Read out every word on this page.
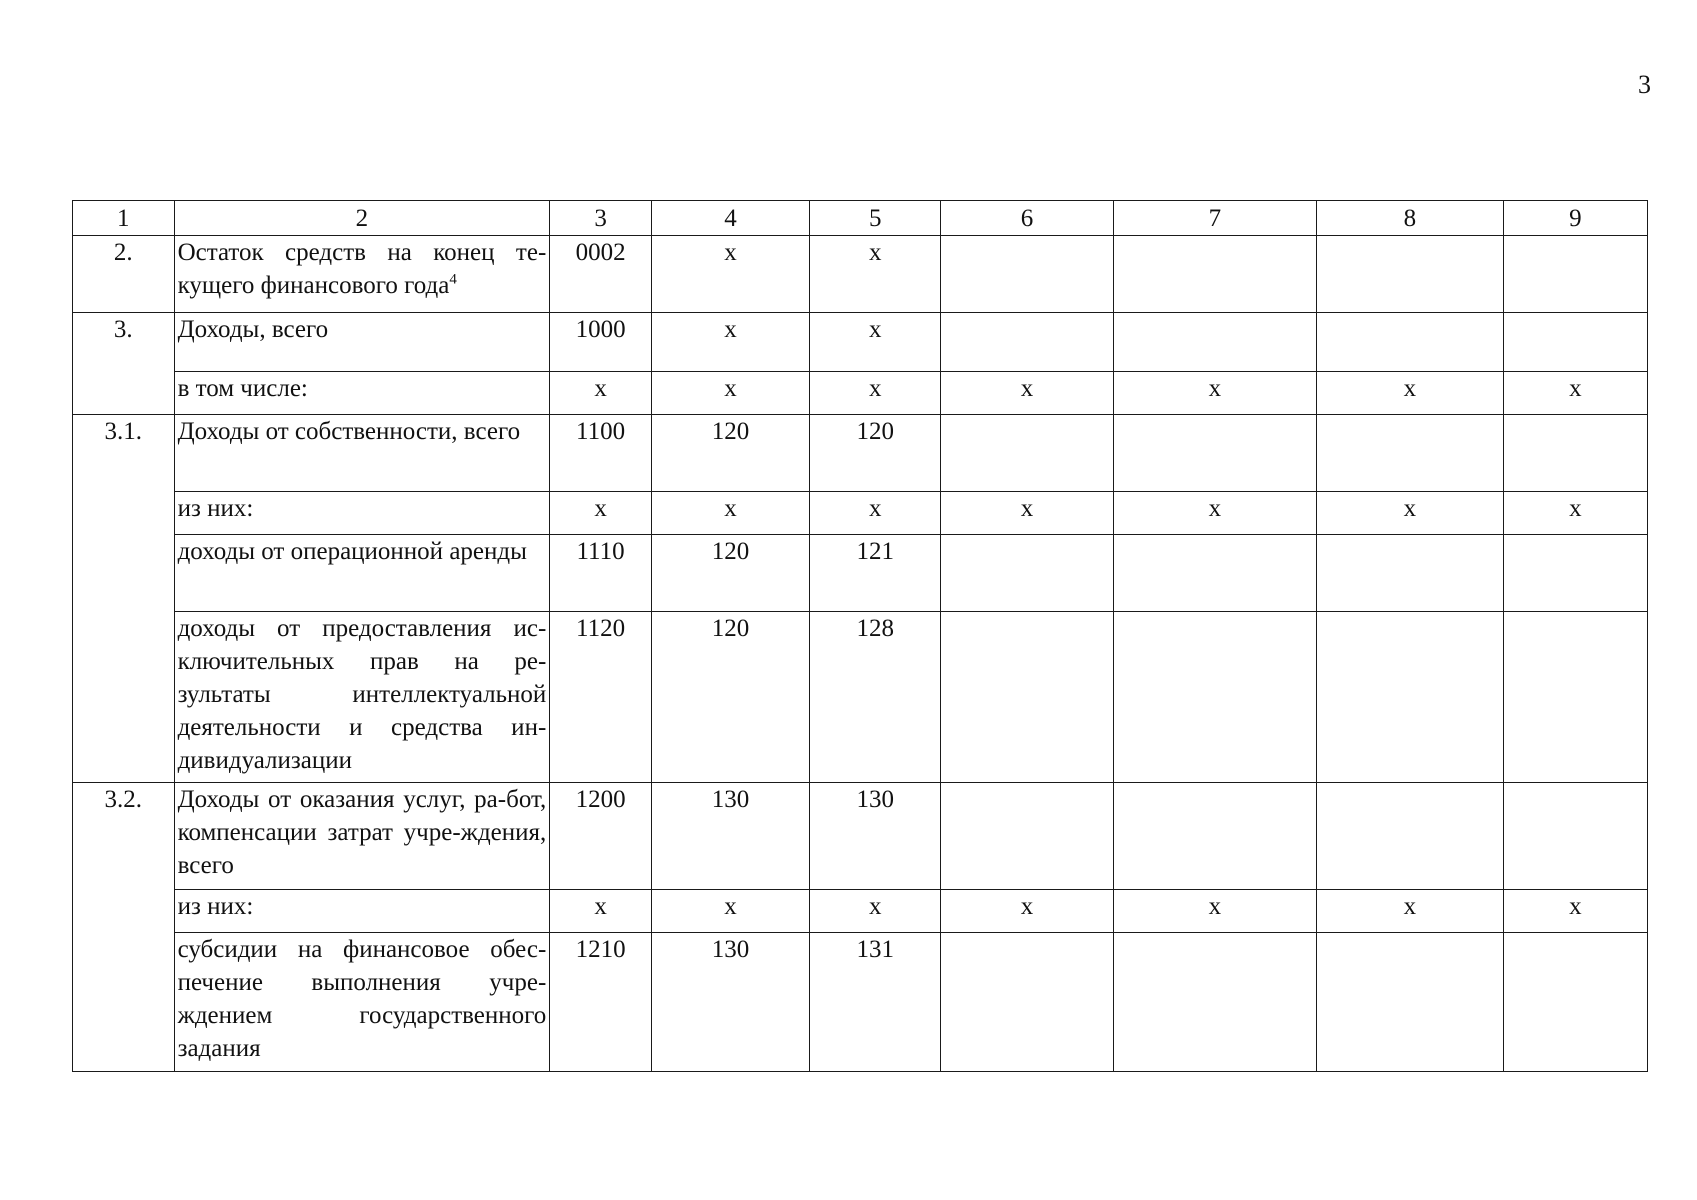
3
1	2	3	4	5	6	7	8	9
2.	Остаток средств на конец те-кущего финансового года$^4$	0002	x	x				
3.	Доходы, всего	1000	x	x				
	в том числе:	x	x	x	x	x	x	x
3.1.	Доходы от собственности, всего	1100	120	120				
	из них:	x	x	x	x	x	x	x
	доходы от операционной аренды	1110	120	121				
	доходы от предоставления ис-ключительных прав на ре-зультаты интеллектуальной деятельности и средства ин-дивидуализации	1120	120	128				
3.2.	Доходы от оказания услуг, ра-бот, компенсации затрат учре-ждения, всего	1200	130	130				
	из них:	x	x	x	x	x	x	x
	субсидии на финансовое обес-печение выполнения учре-ждением государственного задания	1210	130	131				
